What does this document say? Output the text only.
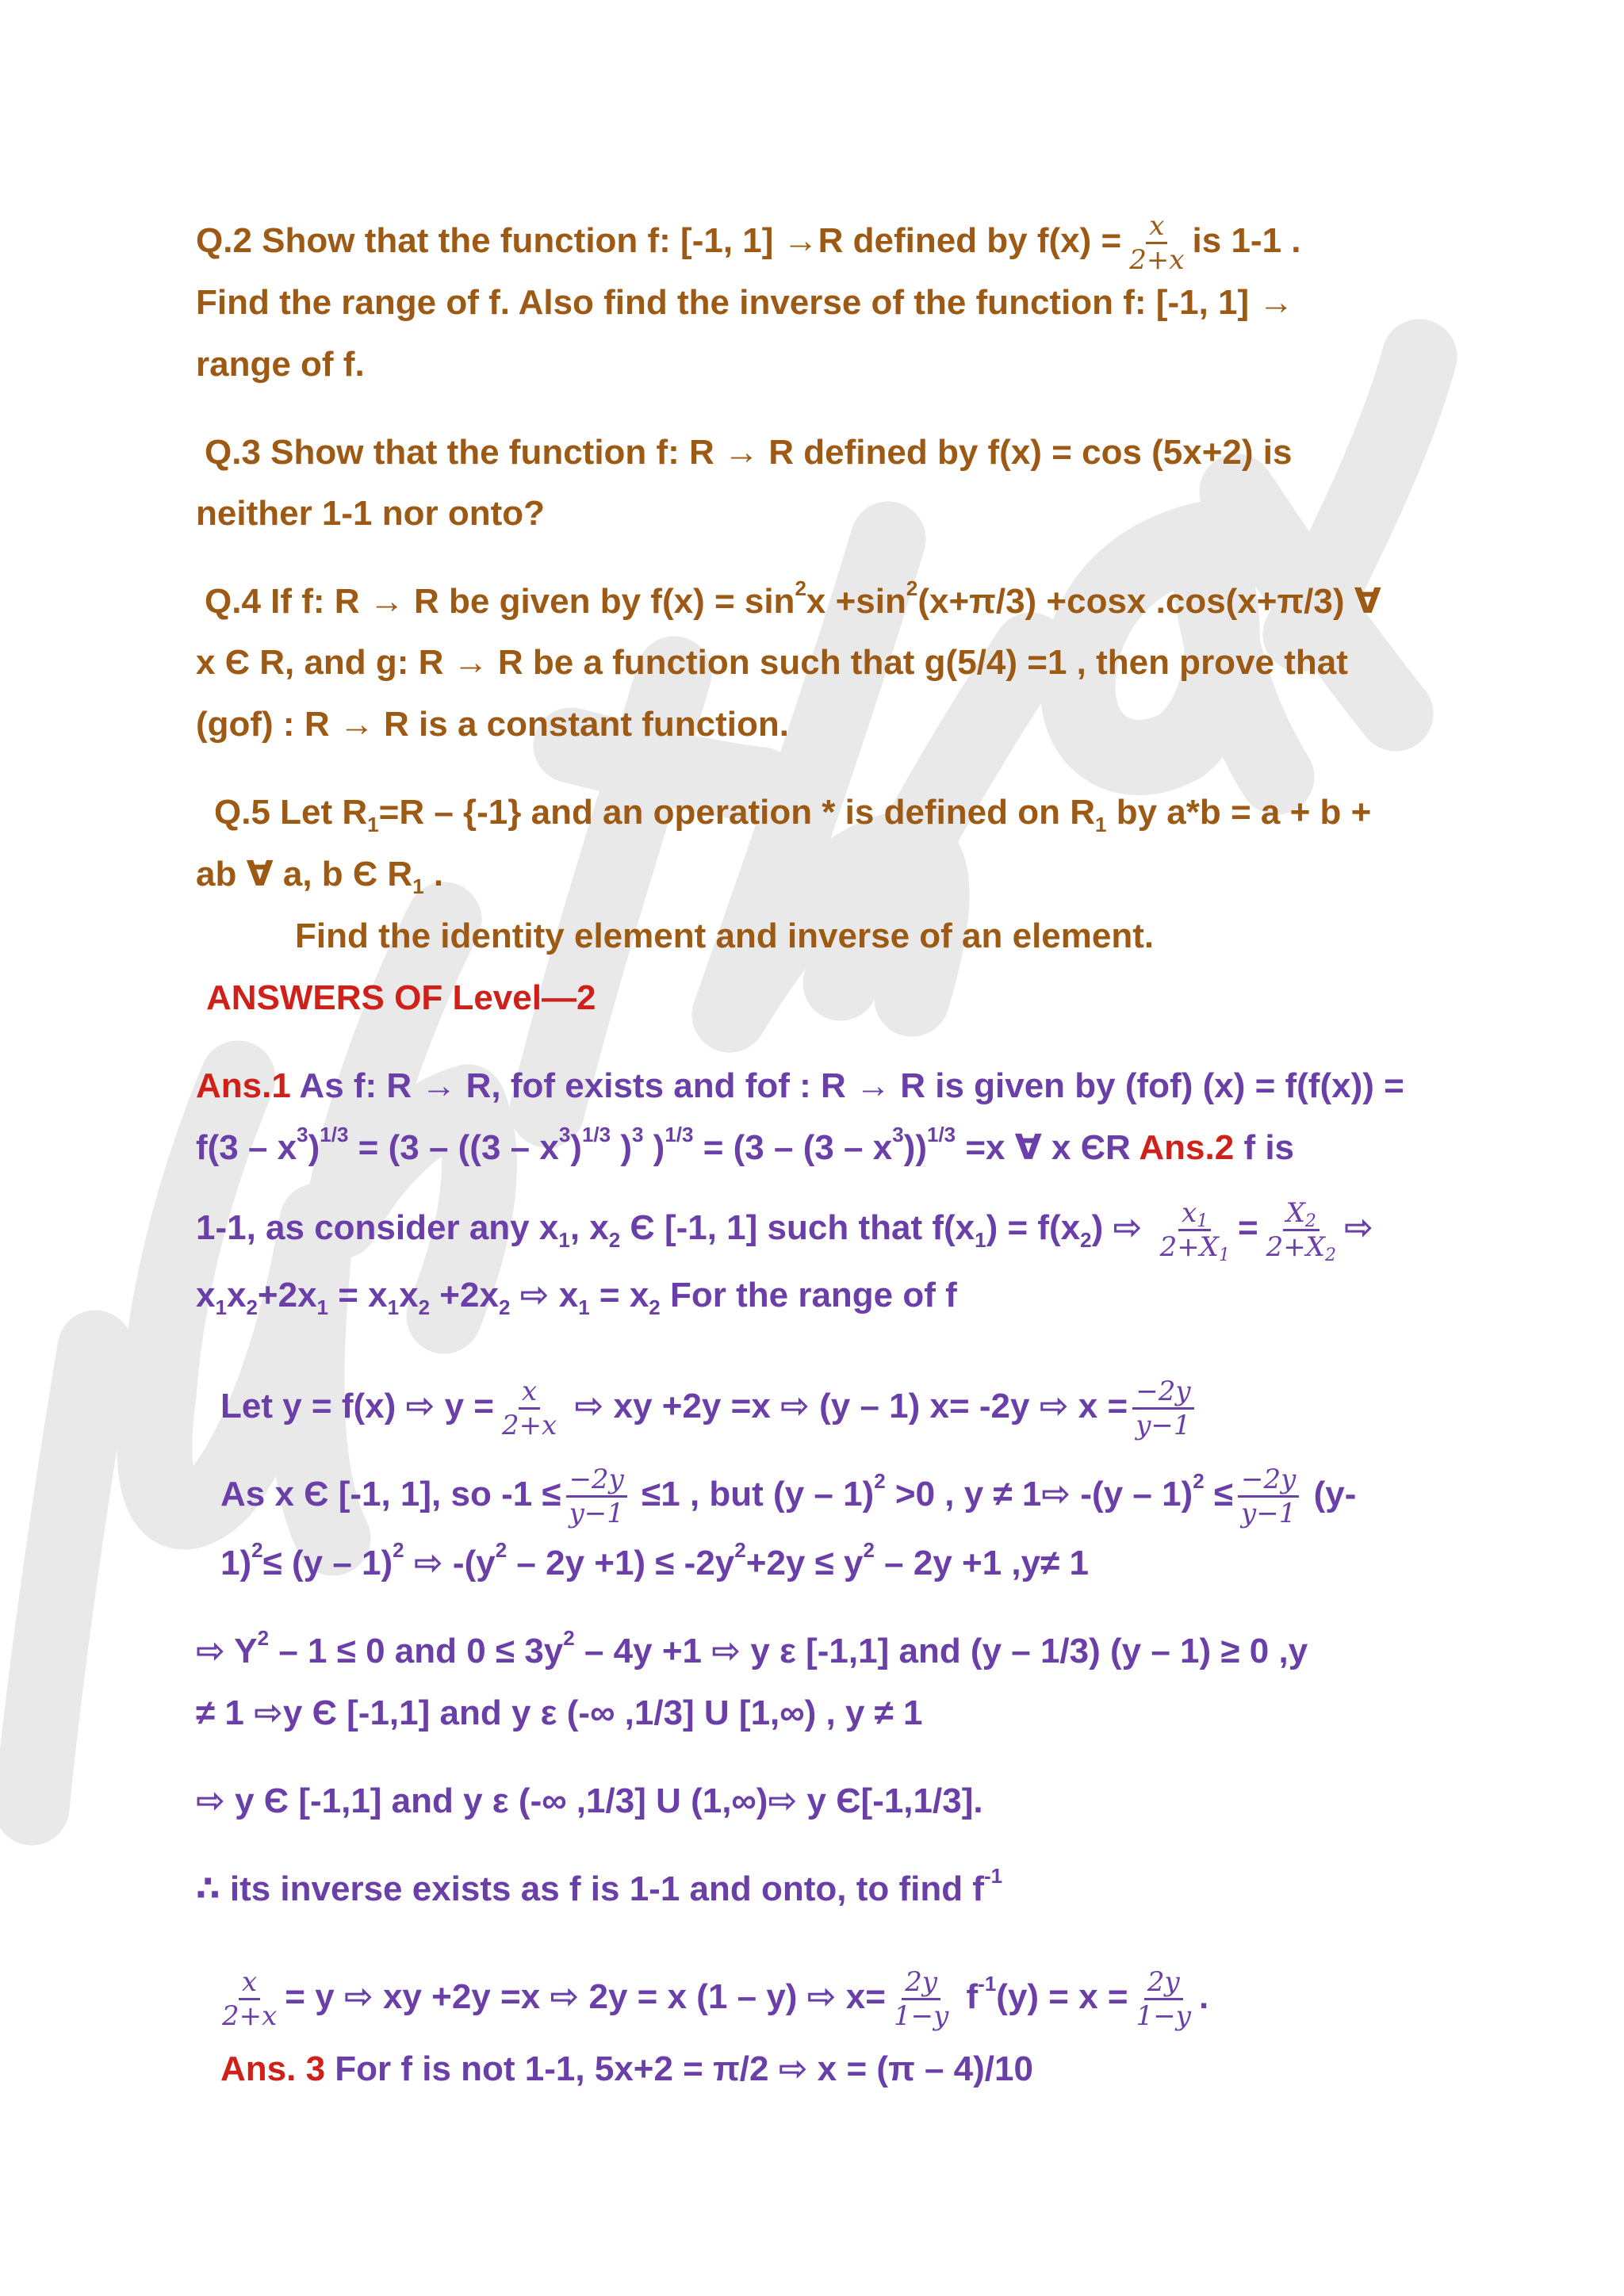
Q.2 Show that the function f: [-1, 1] →R defined by $f(x) = \frac{x}{2+x}$ is 1-1 .
Find the range of f. Also find the inverse of the function f: [-1, 1] →
range of f.
Q.3 Show that the function f: R → R defined by f(x) = cos (5x+2) is
neither 1-1 nor onto?
Q.4 If f: R → R be given by $f(x) = \sin^2x +\sin^2(x+\pi/3) +\cos x$ .cos(x+π/3) ∀
x Є R, and g: R → R be a function such that g(5/4) =1 , then prove that
(gof) : R → R is a constant function.
Q.5 Let $R_1=R - \{-1\}$ and an operation * is defined on $R_1$ by a*b = a + b +
ab ∀ a, b Є $R_1$ .
Find the identity element and inverse of an element.
ANSWERS OF Level—2
Ans.1 As f: R → R, fof exists and fof : R → R is given by (fof) (x) = f(f(x)) =
$f(3 - x^3)^{1/3} = (3 - ((3 - x^3)^{1/3}$ )$^3$ )$^{1/3} = (3 - (3 - x^3))^{1/3} =x$ ∀ x ЄR Ans.2 f is
1-1, as consider any $x_1$, $x_2$ Є [-1, 1] such that $f(x_1) = f(x_2)$ ⇨ $\frac{x_1}{2+X_1} = \frac{X_2}{2+X_2}$ ⇨
$x_1x_2+2x_1 = x_1x_2 +2x_2$ ⇨ $x_1 = x_2$ For the range of f
Let y = f(x) ⇨ $y = \frac{x}{2+x}$ ⇨ xy +2y =x ⇨ (y – 1) x= -2y ⇨ $x = \frac{-2y}{y-1}$
As x Є [-1, 1], so $-1 \le \frac{-2y}{y-1} \le 1$ , but (y – 1)$^2$ >0 , y ≠ 1⇨ $-(y - 1)^2 \le \frac{-2y}{y-1} (y-$
1)$^2$≤ (y – 1)$^2$ ⇨ $-(y^2 - 2y +1) \le -2y^2+2y \le y^2 - 2y +1$ ,y≠ 1
⇨ $Y^2 - 1 \le 0$ and $0 \le 3y^2 - 4y +1$ ⇨ y ε [-1,1] and (y – 1/3) (y – 1) ≥ 0 ,y
≠ 1 ⇨y Є [-1,1] and y ε (-∞ ,1/3] U [1,∞) , y ≠ 1
⇨ y Є [-1,1] and y ε (-∞ ,1/3] U (1,∞)⇨ y Є[-1,1/3].
∴ its inverse exists as f is 1-1 and onto, to find $f^{-1}$
$\frac{x}{2+x} = y$ ⇨ xy +2y =x ⇨ 2y = x (1 – y) ⇨ $x= \frac{2y}{1-y} f^{-1}(y) = x = \frac{2y}{1-y}$ .
Ans. 3 For f is not 1-1, 5x+2 = π/2 ⇨ x = (π – 4)/10
